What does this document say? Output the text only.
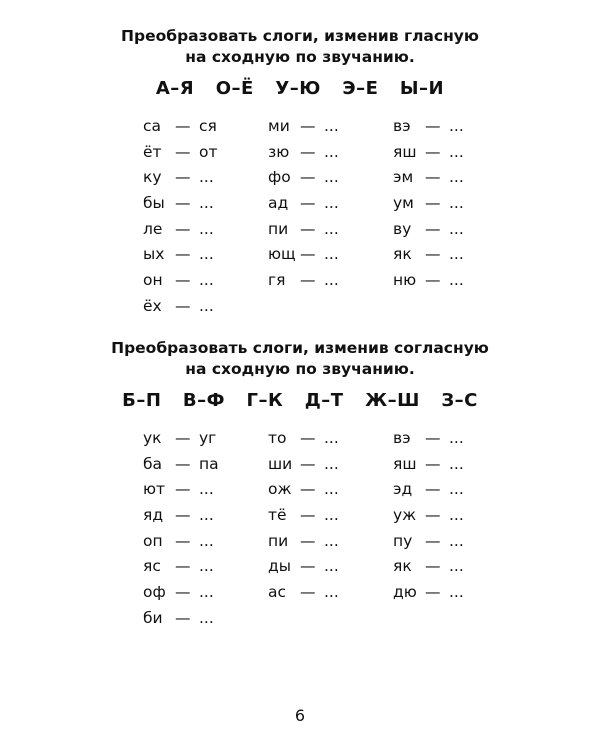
Преобразовать слоги, изменив гласную

на сходную по звучанию.

А–Я  О–Ё  У–Ю  Э–Е  Ы–И
са — ся
ёт — от
ку — ...
бы — ...
ле — ...
ых — ...
он — ...
ёх — ...
ми — ...
зю — ...
фо — ...
ад — ...
пи — ...
ющ — ...
гя — ...
вэ — ...
яш — ...
эм — ...
ум — ...
ву — ...
як — ...
ню — ...

Преобразовать слоги, изменив согласную

на сходную по звучанию.

Б–П  В–Ф  Г–К  Д–Т  Ж–Ш  З–С
ук — уг
ба — па
ют — ...
яд — ...
оп — ...
яс — ...
оф — ...
би — ...
то — ...
ши — ...
ож — ...
тё — ...
пи — ...
ды — ...
ас — ...
вэ — ...
яш — ...
эд — ...
уж — ...
пу — ...
як — ...
дю — ...
6
